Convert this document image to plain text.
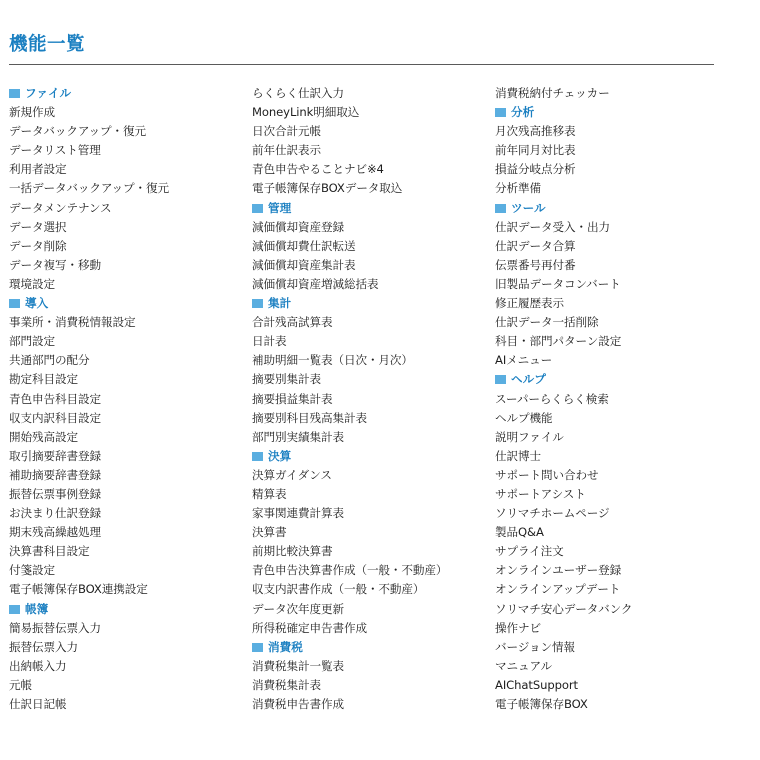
機能一覧
ファイル
新規作成
データバックアップ・復元
データリスト管理
利用者設定
一括データバックアップ・復元
データメンテナンス
データ選択
データ削除
データ複写・移動
環境設定
導入
事業所・消費税情報設定
部門設定
共通部門の配分
勘定科目設定
青色申告科目設定
収支内訳科目設定
開始残高設定
取引摘要辞書登録
補助摘要辞書登録
振替伝票事例登録
お決まり仕訳登録
期末残高繰越処理
決算書科目設定
付箋設定
電子帳簿保存BOX連携設定
帳簿
簡易振替伝票入力
振替伝票入力
出納帳入力
元帳
仕訳日記帳
らくらく仕訳入力
MoneyLink明細取込
日次合計元帳
前年仕訳表示
青色申告やることナビ※4
電子帳簿保存BOXデータ取込
管理
減価償却資産登録
減価償却費仕訳転送
減価償却資産集計表
減価償却資産増減総括表
集計
合計残高試算表
日計表
補助明細一覧表（日次・月次）
摘要別集計表
摘要損益集計表
摘要別科目残高集計表
部門別実績集計表
決算
決算ガイダンス
精算表
家事関連費計算表
決算書
前期比較決算書
青色申告決算書作成（一般・不動産）
収支内訳書作成（一般・不動産）
データ次年度更新
所得税確定申告書作成
消費税
消費税集計一覧表
消費税集計表
消費税申告書作成
消費税納付チェッカー
分析
月次残高推移表
前年同月対比表
損益分岐点分析
分析準備
ツール
仕訳データ受入・出力
仕訳データ合算
伝票番号再付番
旧製品データコンバート
修正履歴表示
仕訳データ一括削除
科目・部門パターン設定
AIメニュー
ヘルプ
スーパーらくらく検索
ヘルプ機能
説明ファイル
仕訳博士
サポート問い合わせ
サポートアシスト
ソリマチホームページ
製品Q&A
サプライ注文
オンラインユーザー登録
オンラインアップデート
ソリマチ安心データバンク
操作ナビ
バージョン情報
マニュアル
AIChatSupport
電子帳簿保存BOX
